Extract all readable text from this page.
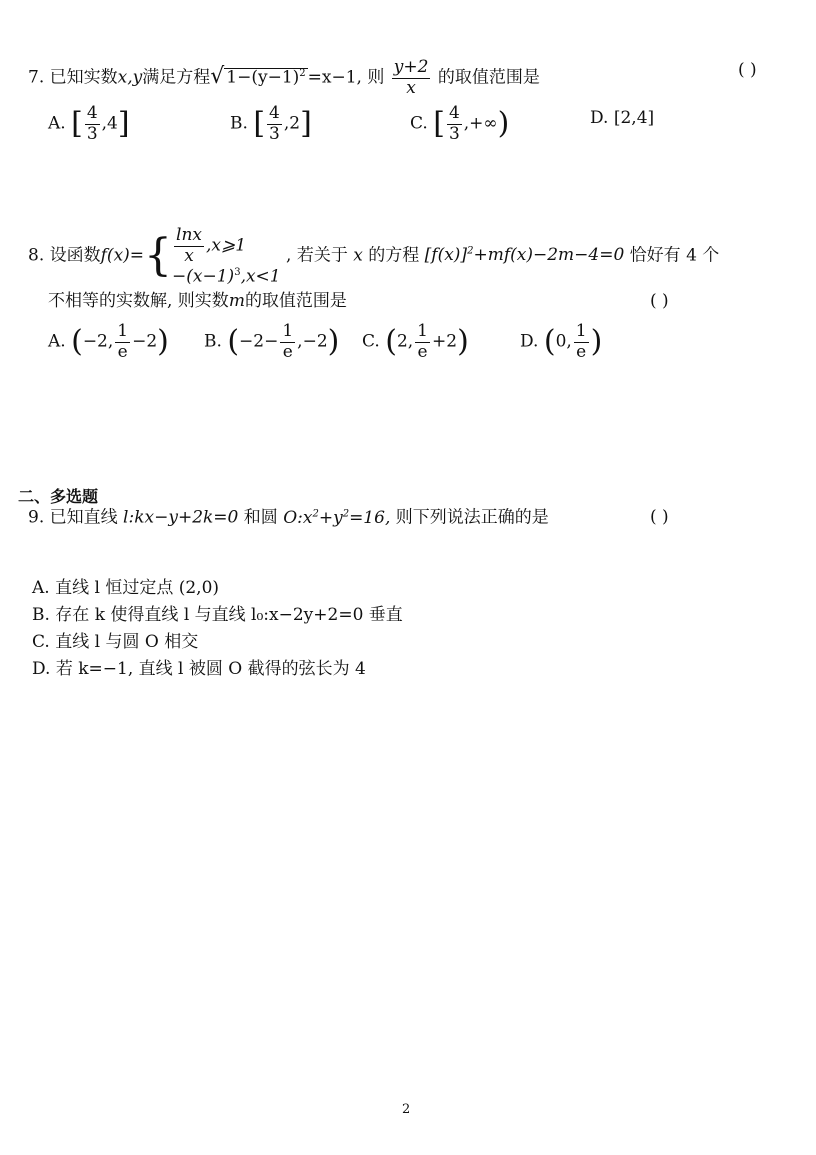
7. 已知实数x,y满足方程√ $1-(y-1)^2 =x-1$, 则 $\frac{y+2}{x}$ 的取值范围是	( )
A. [ $\frac{4}{3} ,4$]	B. [ $\frac{4}{3} ,2$]	C. [ $\frac{4}{3}$ ,+∞)	D. [2,4]
8. 设函数$f(x)=\{ \frac{\ln x}{x}$ ,x⩾1
$-(x-1)^3,x<1$
, 若关于 x 的方程 $[f(x)]^2+mf(x)-2m-4=0$ 恰好有 4 个
不相等的实数解, 则实数m的取值范围是	( )
A. (−2, $\frac{1}{e} -2$) B. $(-2- \frac{1}{e} ,-2)$ C. (2, $\frac{1}{e} +2$)	D. (0, $\frac{1}{e}$ )
二、多选题
9. 已知直线 l:kx−y+2k=0 和圆 $O:x^2+y^2=16$, 则下列说法正确的是	( )
A. 直线 l 恒过定点 (2,0)
B. 存在 k 使得直线 l 与直线 l₀:x−2y+2=0 垂直
C. 直线 l 与圆 O 相交
D. 若 k=−1, 直线 l 被圆 O 截得的弦长为 4
2
